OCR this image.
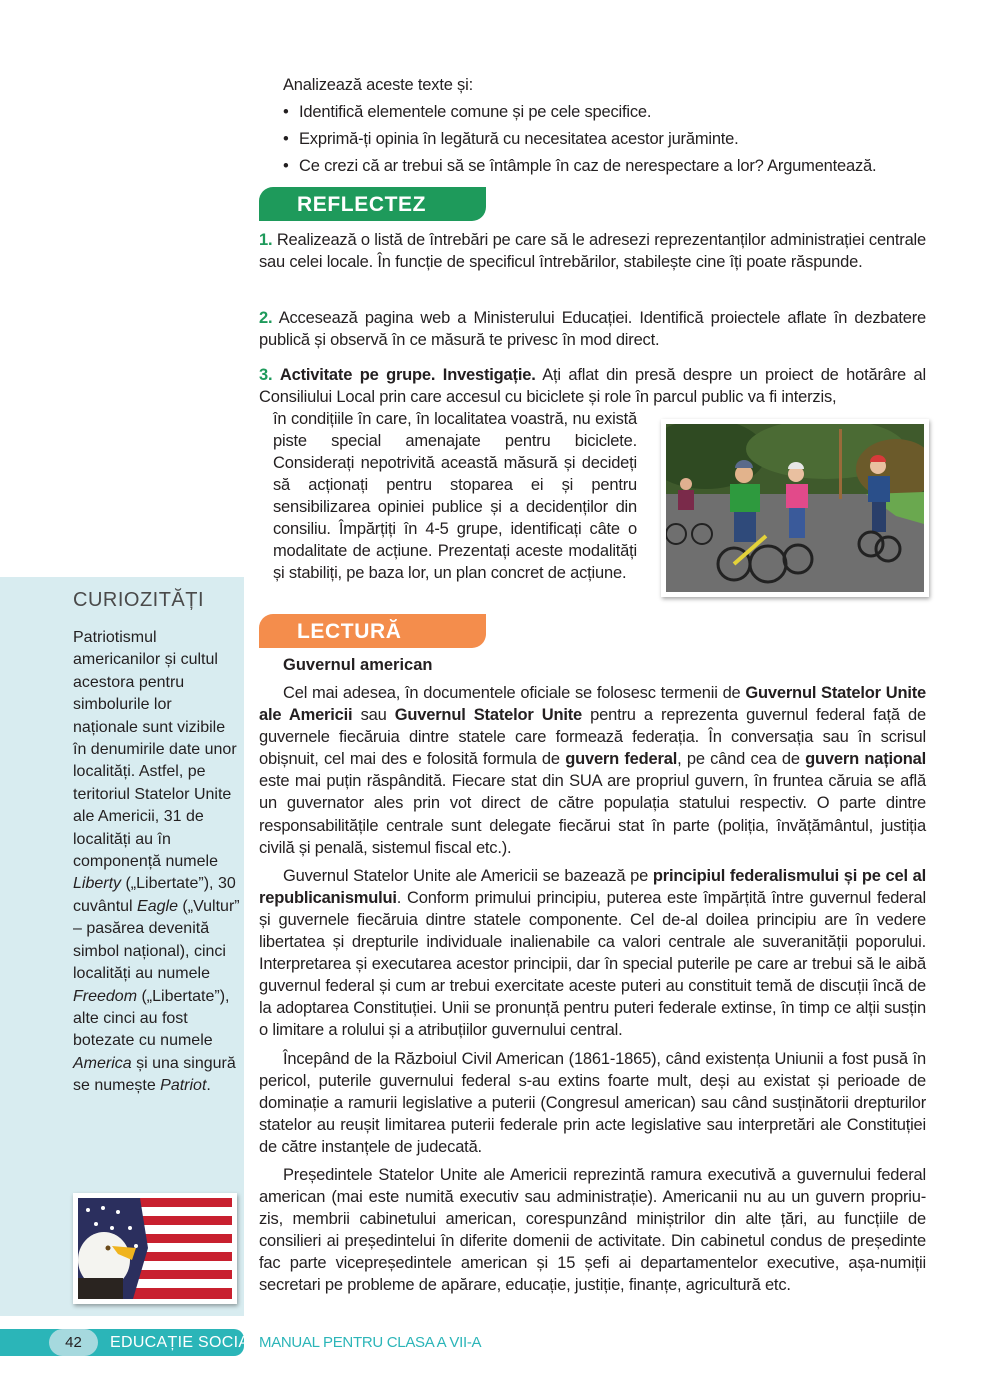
Analizează aceste texte și:
• Identifică elementele comune și pe cele specifice.
• Exprimă-ți opinia în legătură cu necesitatea acestor jurăminte.
• Ce crezi că ar trebui să se întâmple în caz de nerespectare a lor? Argumentează.
REFLECTEZ
1. Realizează o listă de întrebări pe care să le adresezi reprezentanților administrației centrale sau celei locale. În funcție de specificul întrebărilor, stabilește cine îți poate răspunde.
2. Accesează pagina web a Ministerului Educației. Identifică proiectele aflate în dezbatere publică și observă în ce măsură te privesc în mod direct.
3. Activitate pe grupe. Investigație. Ați aflat din presă despre un proiect de hotărâre al Consiliului Local prin care accesul cu biciclete și role în parcul public va fi interzis,
în condițiile în care, în localitatea voastră, nu există piste special amenajate pentru biciclete. Considerați nepotrivită această măsură și decideți să acționați pentru stoparea ei și pentru sensibilizarea opiniei publice și a decidenților din consiliu. Împărțiți în 4-5 grupe, identificați câte o modalitate de acțiune. Prezentați aceste modalități și stabiliți, pe baza lor, un plan concret de acțiune.
LECTURĂ
Guvernul american

Cel mai adesea, în documentele oficiale se folosesc termenii de Guvernul Statelor Unite ale Americii sau Guvernul Statelor Unite pentru a reprezenta guvernul federal față de guvernele fiecăruia dintre statele care formează federația. În conversația sau în scrisul obișnuit, cel mai des e folosită formula de guvern federal, pe când cea de guvern național este mai puțin răspândită. Fiecare stat din SUA are propriul guvern, în fruntea căruia se află un guvernator ales prin vot direct de către populația statului respectiv. O parte dintre responsabilitățile centrale sunt delegate fiecărui stat în parte (poliția, învățământul, justiția civilă și penală, sistemul fiscal etc.).

Guvernul Statelor Unite ale Americii se bazează pe principiul federalismului și pe cel al republicanismului. Conform primului principiu, puterea este împărțită între guvernul federal și guvernele fiecăruia dintre statele componente. Cel de-al doilea principiu are în vedere libertatea și drepturile individuale inalienabile ca valori centrale ale suveranității poporului. Interpretarea și executarea acestor principii, dar în special puterile pe care ar trebui să le aibă guvernul federal și cum ar trebui exercitate aceste puteri au constituit temă de discuții încă de la adoptarea Constituției. Unii se pronunță pentru puteri federale extinse, în timp ce alții susțin o limitare a rolului și a atribuțiilor guvernului central.

Începând de la Războiul Civil American (1861-1865), când existența Uniunii a fost pusă în pericol, puterile guvernului federal s-au extins foarte mult, deși au existat și perioade de dominație a ramurii legislative a puterii (Congresul american) sau când susținătorii drepturilor statelor au reușit limitarea puterii federale prin acte legislative sau interpretări ale Constituției de către instanțele de judecată.

Președintele Statelor Unite ale Americii reprezintă ramura executivă a guvernului federal american (mai este numită executiv sau administrație). Americanii nu au un guvern propriu-zis, membrii cabinetului american, corespunzând miniștrilor din alte țări, au funcțiile de consilieri ai președintelui în diferite domenii de activitate. Din cabinetul condus de președinte fac parte vicepreședintele american și 15 șefi ai departamentelor executive, așa-numiții secretari pe probleme de apărare, educație, justiție, finanțe, agricultură etc.

CURIOZITĂȚI
Patriotismul americanilor și cultul acestora pentru simbolurile lor naționale sunt vizibile în denumirile date unor localități. Astfel, pe teritoriul Statelor Unite ale Americii, 31 de localități au în componență numele Liberty („Libertate”), 30 cuvântul Eagle („Vultur” – pasărea devenită simbol național), cinci localități au numele Freedom („Libertate”), alte cinci au fost botezate cu numele America și una singură se numește Patriot.
42	EDUCAȚIE SOCIALĂ
MANUAL PENTRU CLASA A VII-A
